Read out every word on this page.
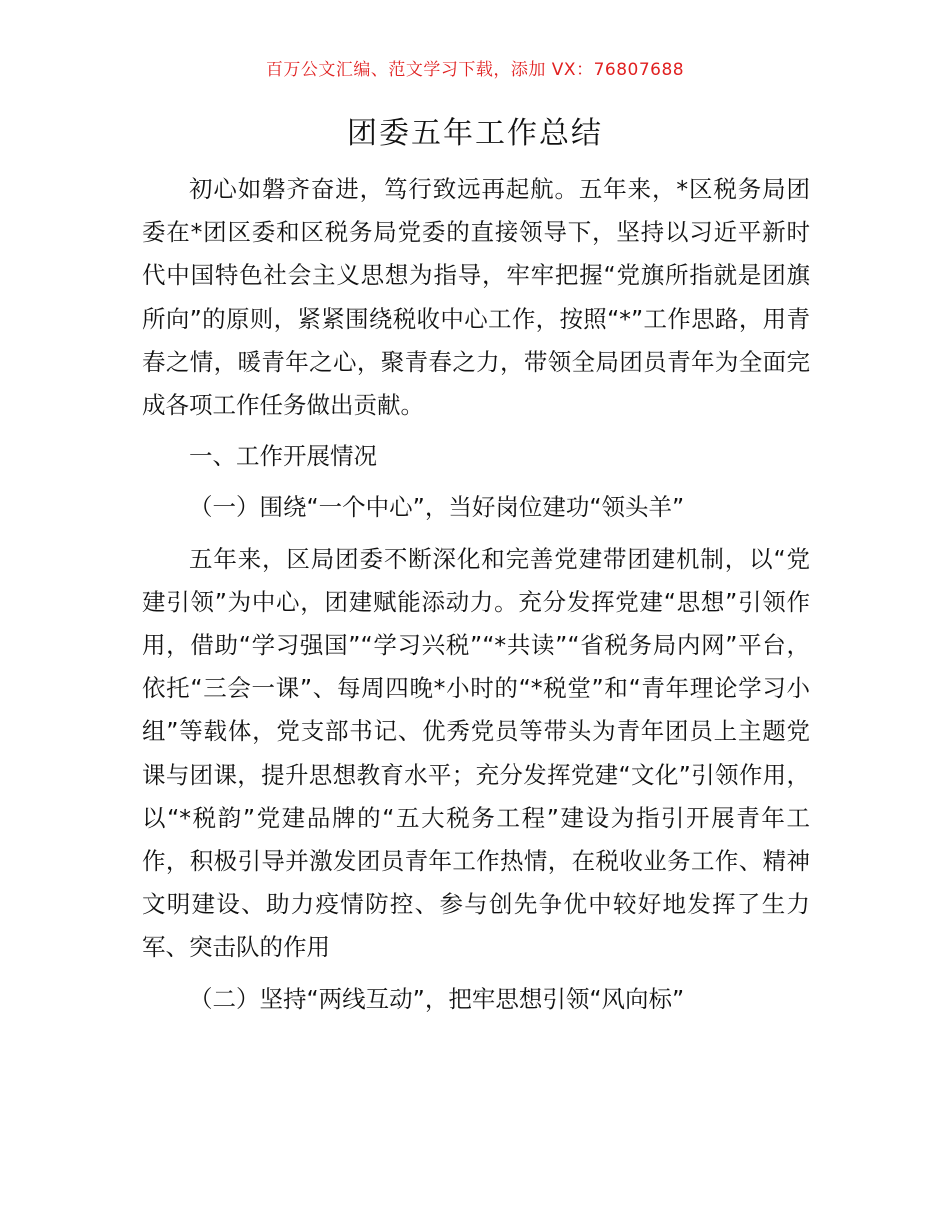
百万公文汇编、范文学习下载，添加 VX：76807688
团委五年工作总结

初心如磐齐奋进，笃行致远再起航。五年来，*区税务局团委在*团区委和区税务局党委的直接领导下，坚持以习近平新时代中国特色社会主义思想为指导，牢牢把握“党旗所指就是团旗所向”的原则，紧紧围绕税收中心工作，按照“*”工作思路，用青春之情，暖青年之心，聚青春之力，带领全局团员青年为全面完成各项工作任务做出贡献。

一、工作开展情况

（一）围绕“一个中心”，当好岗位建功“领头羊”

五年来，区局团委不断深化和完善党建带团建机制，以“党建引领”为中心，团建赋能添动力。充分发挥党建“思想”引领作用，借助“学习强国”“学习兴税”“*共读”“省税务局内网”平台，依托“三会一课”、每周四晚*小时的“*税堂”和“青年理论学习小组”等载体，党支部书记、优秀党员等带头为青年团员上主题党课与团课，提升思想教育水平；充分发挥党建“文化”引领作用，以“*税韵”党建品牌的“五大税务工程”建设为指引开展青年工作，积极引导并激发团员青年工作热情，在税收业务工作、精神文明建设、助力疫情防控、参与创先争优中较好地发挥了生力军、突击队的作用

（二）坚持“两线互动”，把牢思想引领“风向标”
